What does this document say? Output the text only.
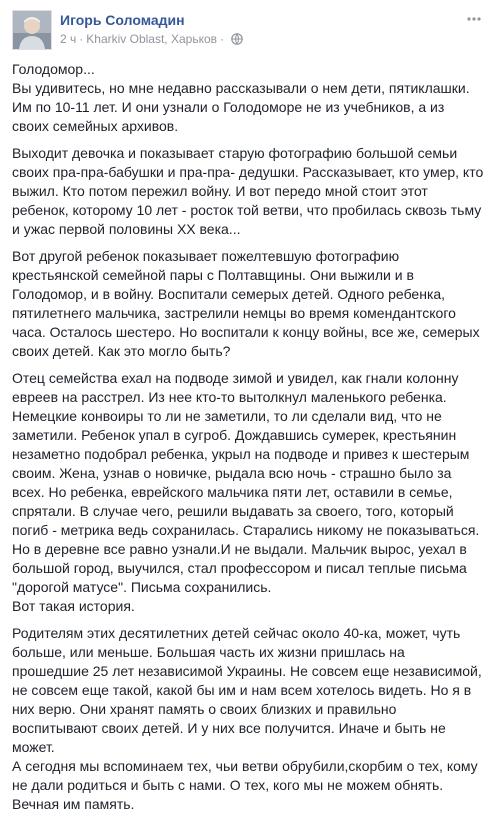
Игорь Соломадин
2 ч · Kharkiv Oblast, Харьков ·

Голодомор...
Вы удивитесь, но мне недавно рассказывали о нем дети, пятиклашки. Им по 10-11 лет. И они узнали о Голодоморе не из учебников, а из своих семейных архивов.

Выходит девочка и показывает старую фотографию большой семьи своих пра-пра-бабушки и пра-пра- дедушки. Рассказывает, кто умер, кто выжил. Кто потом пережил войну. И вот передо мной стоит этот ребенок, которому 10 лет - росток той ветви, что пробилась сквозь тьму и ужас первой половины XX века...

Вот другой ребенок показывает пожелтевшую фотографию крестьянской семейной пары с Полтавщины. Они выжили и в Голодомор, и в войну. Воспитали семерых детей. Одного ребенка, пятилетнего мальчика, застрелили немцы во время комендантского часа. Осталось шестеро. Но воспитали к концу войны, все же, семерых своих детей. Как это могло быть?

Отец семейства ехал на подводе зимой и увидел, как гнали колонну евреев на расстрел. Из нее кто-то вытолкнул маленького ребенка. Немецкие конвоиры то ли не заметили, то ли сделали вид, что не заметили. Ребенок упал в сугроб. Дождавшись сумерек, крестьянин незаметно подобрал ребенка, укрыл на подводе и привез к шестерым своим. Жена, узнав о новичке, рыдала всю ночь - страшно было за всех. Но ребенка, еврейского мальчика пяти лет, оставили в семье, спрятали. В случае чего, решили выдавать за своего, того, который погиб - метрика ведь сохранилась. Старались никому не показываться. Но в деревне все равно узнали.И не выдали. Мальчик вырос, уехал в большой город, выучился, стал профессором и писал теплые письма "дорогой матусе". Письма сохранились.
Вот такая история.

Родителям этих десятилетних детей сейчас около 40-ка, может, чуть больше, или меньше. Большая часть их жизни пришлась на прошедшие 25 лет независимой Украины. Не совсем еще независимой, не совсем еще такой, какой бы им и нам всем хотелось видеть. Но я в них верю. Они хранят память о своих близких и правильно воспитывают своих детей. И у них все получится. Иначе и быть не может.
А сегодня мы вспоминаем тех, чьи ветви обрубили,скорбим о тех, кому не дали родиться и быть с нами. О тех, кого мы не можем обнять. Вечная им память.
